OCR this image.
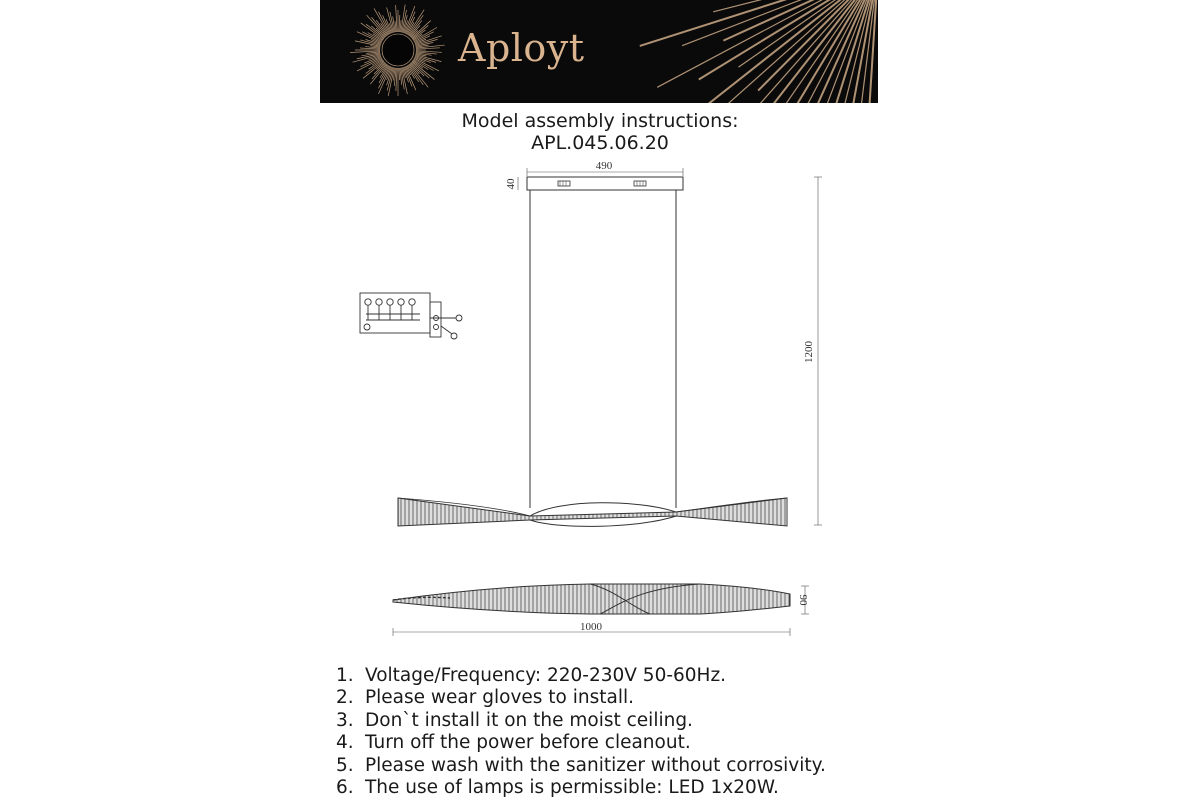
Aployt
Model assembly instructions:
APL.045.06.20
490
40
1200
1000
90
1. Voltage/Frequency: 220-230V 50-60Hz.
2. Please wear gloves to install.
3. Don`t install it on the moist ceiling.
4. Turn off the power before cleanout.
5. Please wash with the sanitizer without corrosivity.
6. The use of lamps is permissible: LED 1x20W.
